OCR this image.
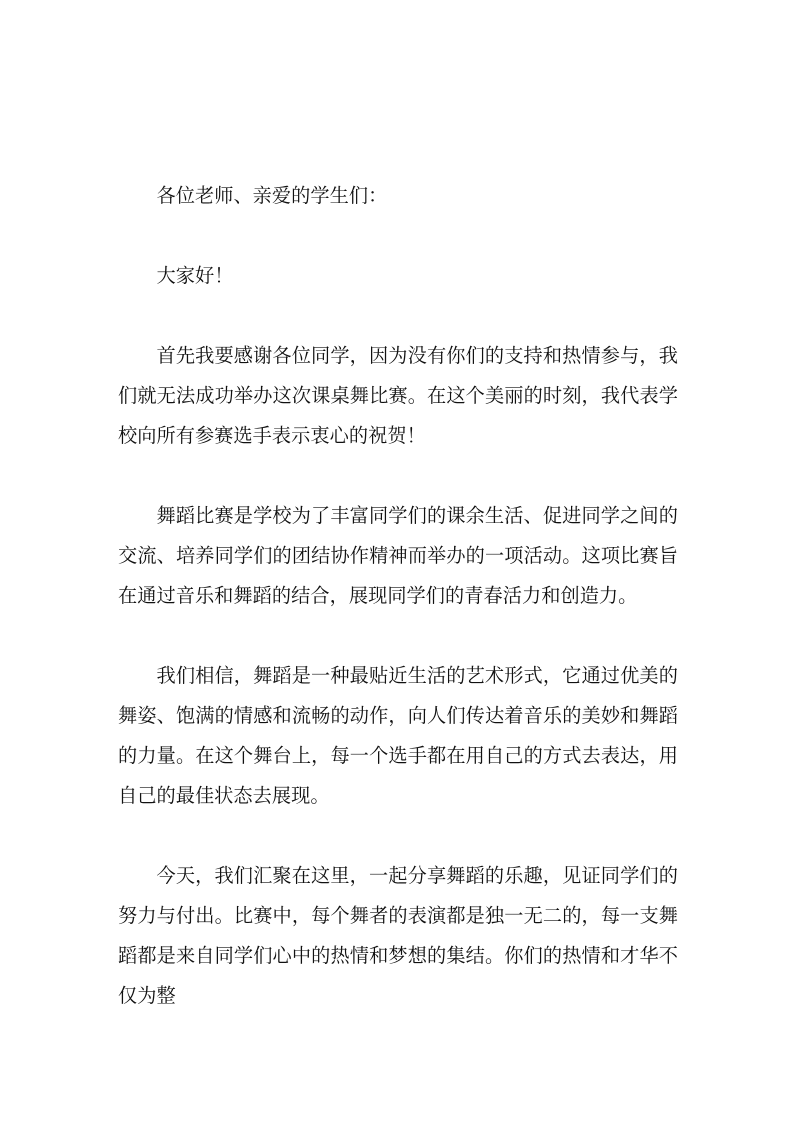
各位老师、亲爱的学生们：

大家好！

首先我要感谢各位同学，因为没有你们的支持和热情参与，我们就无法成功举办这次课桌舞比赛。在这个美丽的时刻，我代表学校向所有参赛选手表示衷心的祝贺！

舞蹈比赛是学校为了丰富同学们的课余生活、促进同学之间的交流、培养同学们的团结协作精神而举办的一项活动。这项比赛旨在通过音乐和舞蹈的结合，展现同学们的青春活力和创造力。

我们相信，舞蹈是一种最贴近生活的艺术形式，它通过优美的舞姿、饱满的情感和流畅的动作，向人们传达着音乐的美妙和舞蹈的力量。在这个舞台上，每一个选手都在用自己的方式去表达，用自己的最佳状态去展现。

今天，我们汇聚在这里，一起分享舞蹈的乐趣，见证同学们的努力与付出。比赛中，每个舞者的表演都是独一无二的，每一支舞蹈都是来自同学们心中的热情和梦想的集结。你们的热情和才华不仅为整
